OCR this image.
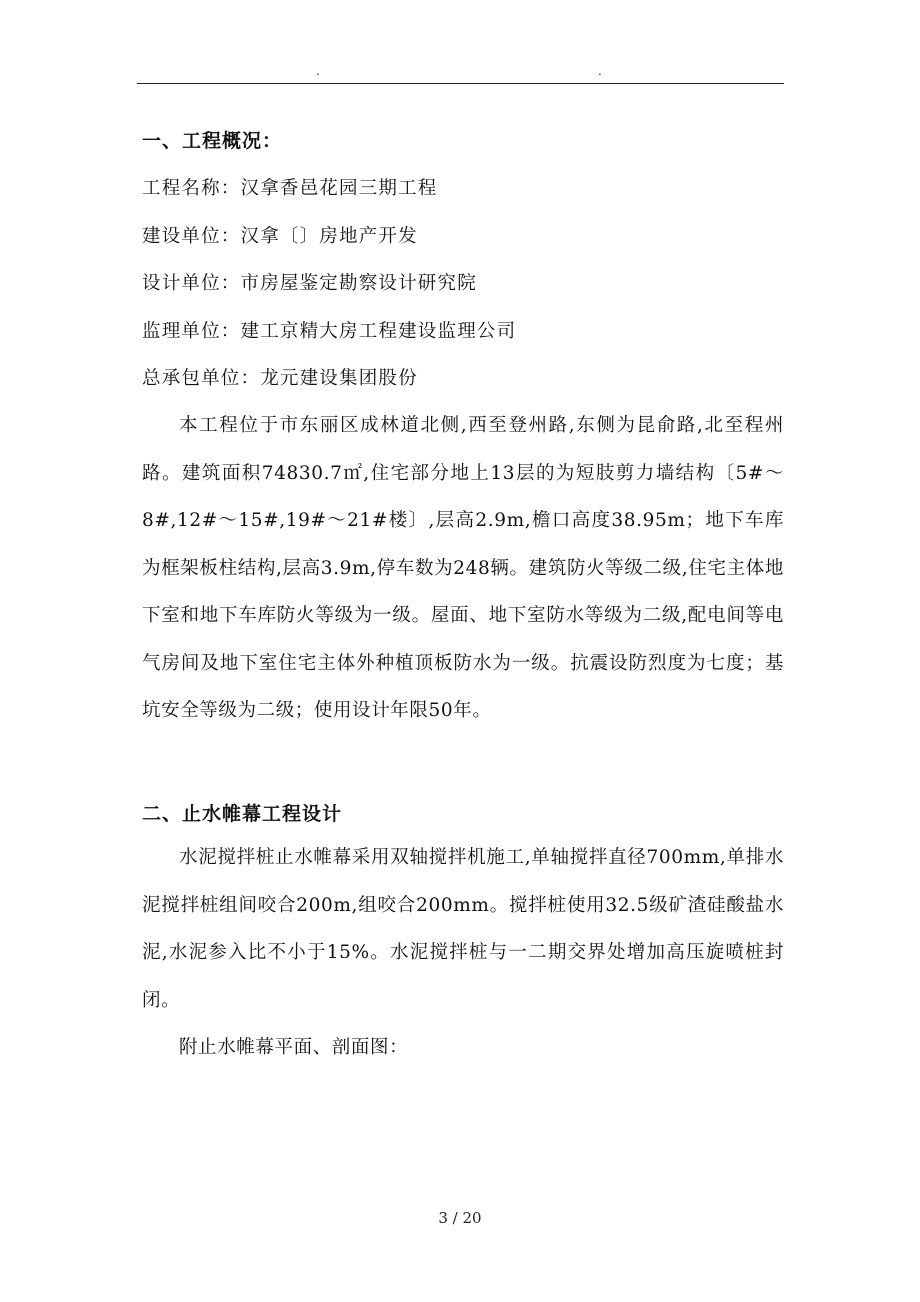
.	.
一、工程概况：
工程名称：汉拿香邑花园三期工程
建设单位：汉拿〔〕房地产开发
设计单位：市房屋鉴定勘察设计研究院
监理单位：建工京精大房工程建设监理公司
总承包单位：龙元建设集团股份
本工程位于市东丽区成林道北侧,西至登州路,东侧为昆俞路,北至程州路。建筑面积74830.7㎡,住宅部分地上13层的为短肢剪力墙结构〔5#～8#,12#～15#,19#～21#楼〕,层高2.9m,檐口高度38.95m；地下车库为框架板柱结构,层高3.9m,停车数为248辆。建筑防火等级二级,住宅主体地下室和地下车库防火等级为一级。屋面、地下室防水等级为二级,配电间等电气房间及地下室住宅主体外种植顶板防水为一级。抗震设防烈度为七度；基坑安全等级为二级；使用设计年限50年。
二、止水帷幕工程设计
水泥搅拌桩止水帷幕采用双轴搅拌机施工,单轴搅拌直径700mm,单排水泥搅拌桩组间咬合200m,组咬合200mm。搅拌桩使用32.5级矿渣硅酸盐水泥,水泥参入比不小于15%。水泥搅拌桩与一二期交界处增加高压旋喷桩封闭。
附止水帷幕平面、剖面图：
3 / 20
